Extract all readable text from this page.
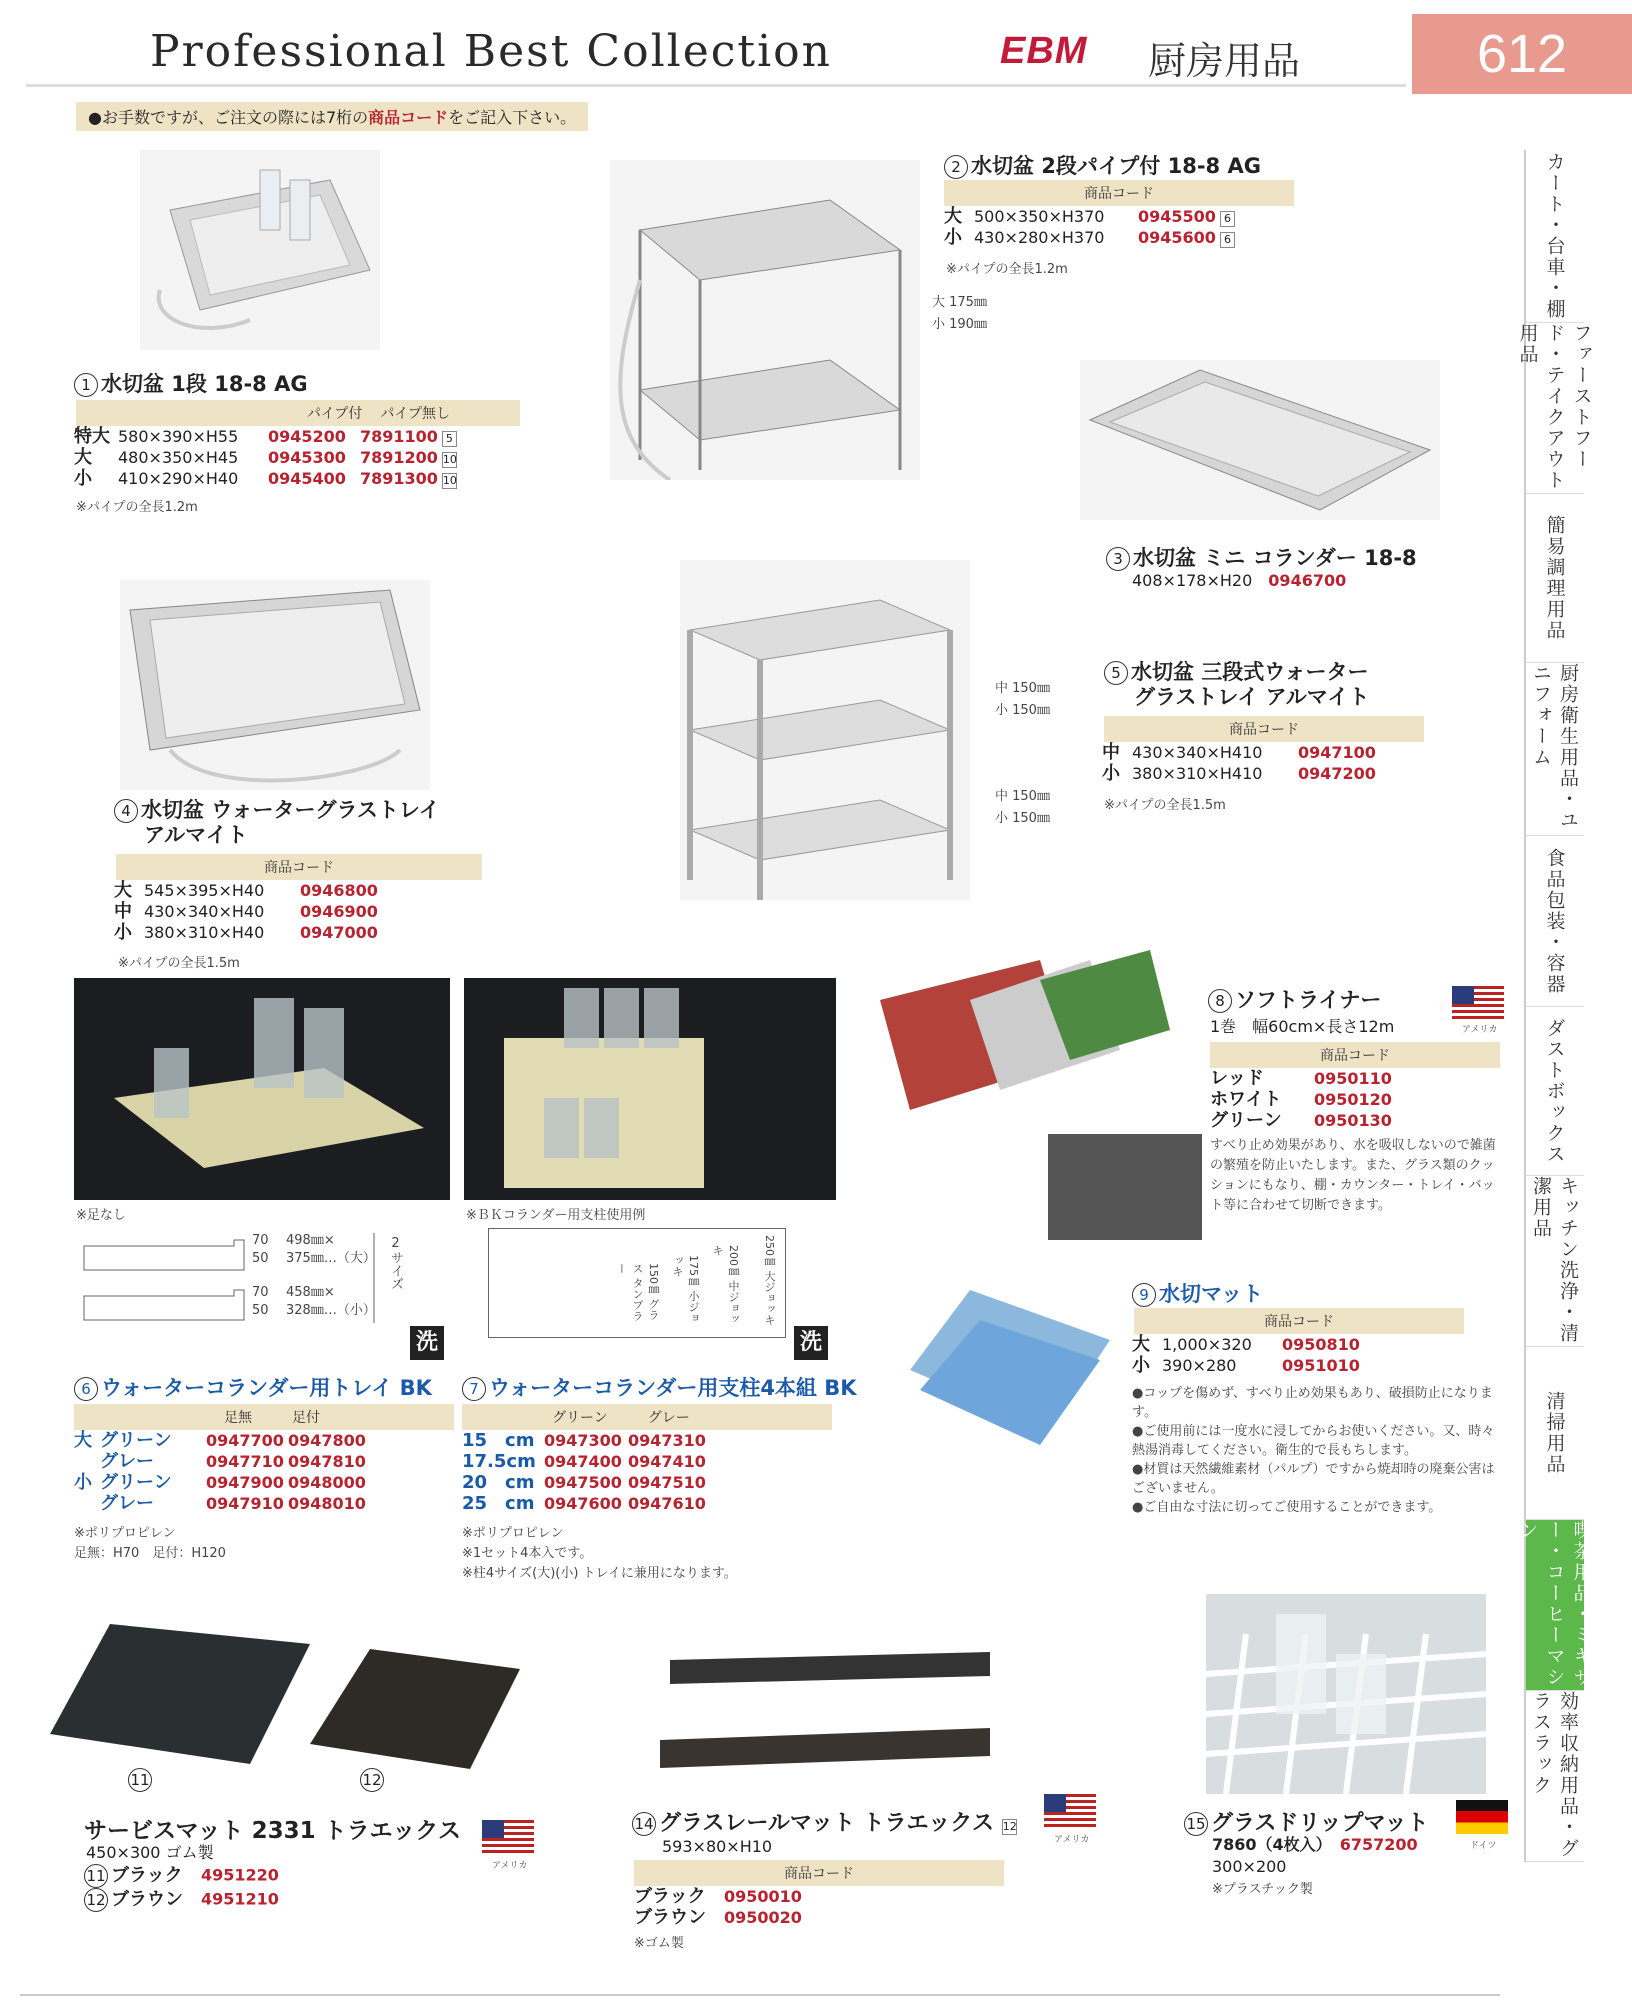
Professional Best Collection	EBM 厨房用品	612
●お手数ですが、ご注文の際には7桁の商品コードをご記入下さい。
カート・台車・棚
ファーストフード・テイクアウト用品
簡易調理用品
厨房衛生用品・ユニフォーム
食品包装・容器
ダストボックス
キッチン洗浄・清潔用品
清掃用品
喫茶用品・ミキサー・コーヒーマシン
効率収納用品・グラスラック
1 水切盆 1段 18-8 AG
パイプ付 パイプ無し
特大 580×390×H55 0945200 7891100 5
大 480×350×H45 0945300 7891200 10
小 410×290×H40 0945400 7891300 10
※パイプの全長1.2m
大 175㎜
小 190㎜
2 水切盆 2段パイプ付 18-8 AG
商品コード
大 500×350×H370 0945500 6
小 430×280×H370 0945600 6
※パイプの全長1.2m
3 水切盆 ミニ コランダー 18-8
408×178×H20　 0946700
4 水切盆 ウォーターグラストレイ
アルマイト
商品コード
大 545×395×H40 0946800
中 430×340×H40 0946900
小 380×310×H40 0947000
※パイプの全長1.5m
中 150㎜
小 150㎜
中 150㎜
小 150㎜
5 水切盆 三段式ウォーター
グラストレイ アルマイト
商品コード
中 430×340×H410 0947100
小 380×310×H410 0947200
※パイプの全長1.5m
※足なし	※ＢＫコランダー用支柱使用例
70
50
498㎜×
375㎜…（大）
70
50
458㎜×
328㎜…（小）
2サイズ
洗
250㎜ 大ジョッキ
200㎜ 中ジョッキ
175㎜ 小ジョッキ
150㎜ グラス タンブラー
洗
6 ウォーターコランダー用トレイ BK
足無	足付
大 グリーン 0947700 0947800
グレー	0947710 0947810
小 グリーン 0947900 0948000
グレー	0947910 0948010
※ポリプロピレン
足無：H70　足付：H120
7 ウォーターコランダー用支柱4本組 BK
グリーン	グレー
15　cm 0947300 0947310
17.5cm 0947400 0947410
20　cm 0947500 0947510
25　cm 0947600 0947610
※ポリプロピレン
※1セット4本入です。
※柱4サイズ(大)(小) トレイに兼用になります。
8 ソフトライナー
アメリカ
1巻　幅60cm×長さ12m
商品コード
レッド	0950110
ホワイト 0950120
グリーン 0950130
すべり止め効果があり、水を吸収しないので雑菌の繁殖を防止いたします。また、グラス類のクッションにもなり、棚・カウンター・トレイ・バット等に合わせて切断できます。
9 水切マット
商品コード
大 1,000×320 0950810
小 390×280	0951010
●コップを傷めず、すべり止め効果もあり、破損防止になります。
●ご使用前には一度水に浸してからお使いください。又、時々熱湯消毒してください。衛生的で長もちします。
●材質は天然繊維素材（パルプ）ですから焼却時の廃棄公害はございません。
●ご自由な寸法に切ってご使用することができます。
11	12
サービスマット 2331 トラエックス
アメリカ
450×300 ゴム製
11 ブラック 4951220
12 ブラウン 4951210
14 グラスレールマット トラエックス 12
アメリカ
593×80×H10
商品コード
ブラック 0950010
ブラウン 0950020
※ゴム製
15 グラスドリップマット
ドイツ
7860（4枚入）　 6757200
300×200
※プラスチック製
